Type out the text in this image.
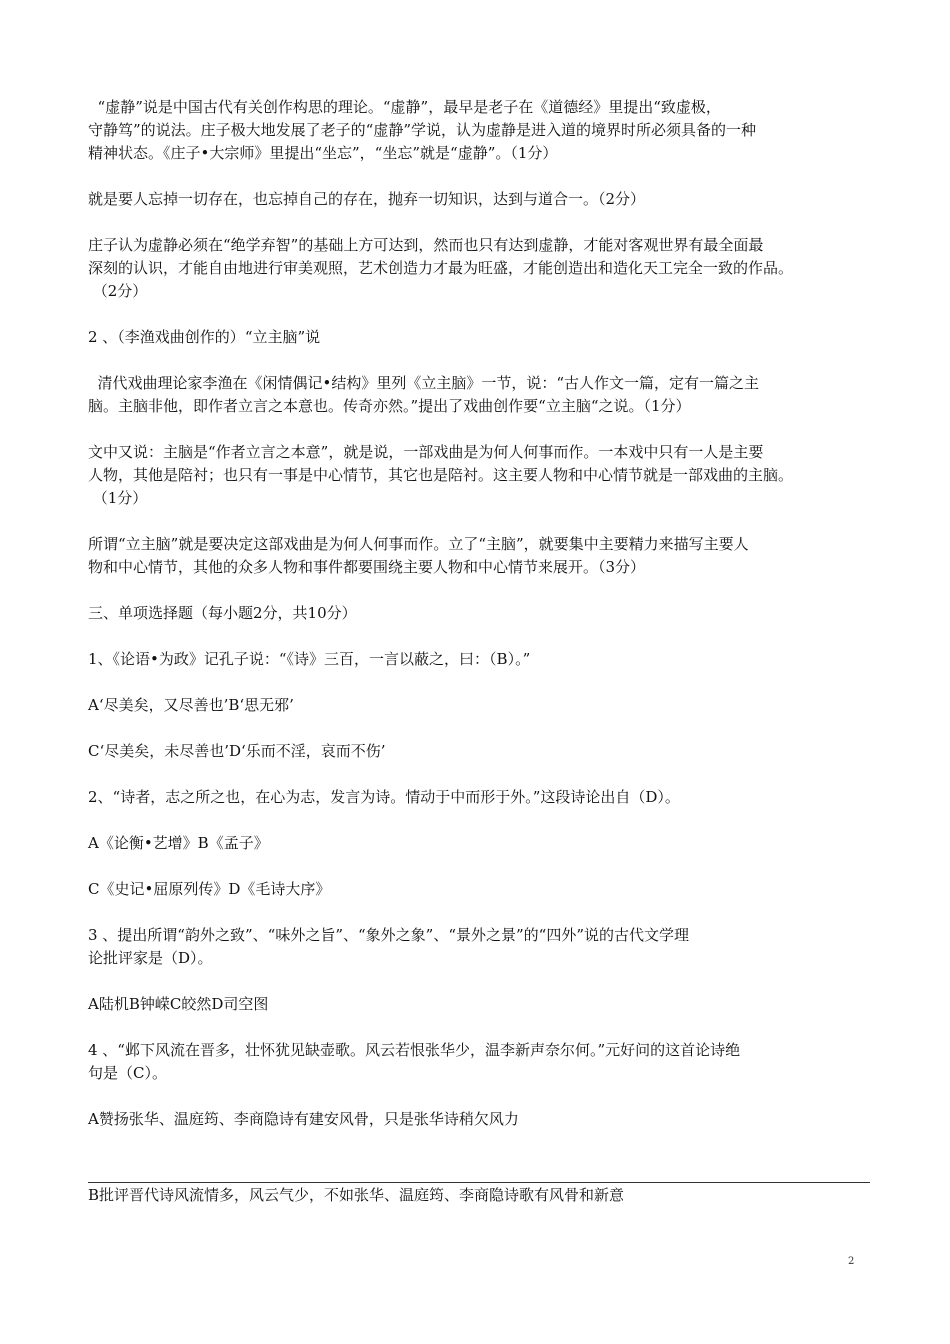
“虚静”说是中国古代有关创作构思的理论。“虚静”，最早是老子在《道德经》里提出“致虚极，
守静笃”的说法。庄子极大地发展了老子的“虚静”学说，认为虚静是进入道的境界时所必须具备的一种
精神状态。《庄子•大宗师》里提出“坐忘”，“坐忘”就是“虚静”。（1分）
就是要人忘掉一切存在，也忘掉自己的存在，抛弃一切知识，达到与道合一。（2分）
庄子认为虚静必须在“绝学弃智”的基础上方可达到，然而也只有达到虚静，才能对客观世界有最全面最
深刻的认识，才能自由地进行审美观照，艺术创造力才最为旺盛，才能创造出和造化天工完全一致的作品。
（2分）
2 、（李渔戏曲创作的）“立主脑”说
清代戏曲理论家李渔在《闲情偶记•结构》里列《立主脑》一节，说：“古人作文一篇，定有一篇之主
脑。主脑非他，即作者立言之本意也。传奇亦然。”提出了戏曲创作要“立主脑“之说。（1分）
文中又说：主脑是“作者立言之本意”，就是说，一部戏曲是为何人何事而作。一本戏中只有一人是主要
人物，其他是陪衬；也只有一事是中心情节，其它也是陪衬。这主要人物和中心情节就是一部戏曲的主脑。
（1分）
所谓“立主脑”就是要决定这部戏曲是为何人何事而作。立了“主脑”，就要集中主要精力来描写主要人
物和中心情节，其他的众多人物和事件都要围绕主要人物和中心情节来展开。（3分）
三、单项选择题（每小题2分，共10分）
1、《论语•为政》记孔子说：“《诗》三百，一言以蔽之，曰：（B）。”
A‘尽美矣，又尽善也’B‘思无邪’
C‘尽美矣，未尽善也’D‘乐而不淫，哀而不伤’
2、“诗者，志之所之也，在心为志，发言为诗。情动于中而形于外。”这段诗论出自（D）。
A《论衡•艺增》B《孟子》
C《史记•屈原列传》D《毛诗大序》
3 、提出所谓“韵外之致”、“味外之旨”、“象外之象”、“景外之景”的“四外”说的古代文学理
论批评家是（D）。
A陆机B钟嵘C皎然D司空图
4 、“邺下风流在晋多，壮怀犹见缺壶歌。风云若恨张华少，温李新声奈尔何。”元好问的这首论诗绝
句是（C）。
A赞扬张华、温庭筠、李商隐诗有建安风骨，只是张华诗稍欠风力
B批评晋代诗风流情多，风云气少，不如张华、温庭筠、李商隐诗歌有风骨和新意
2
